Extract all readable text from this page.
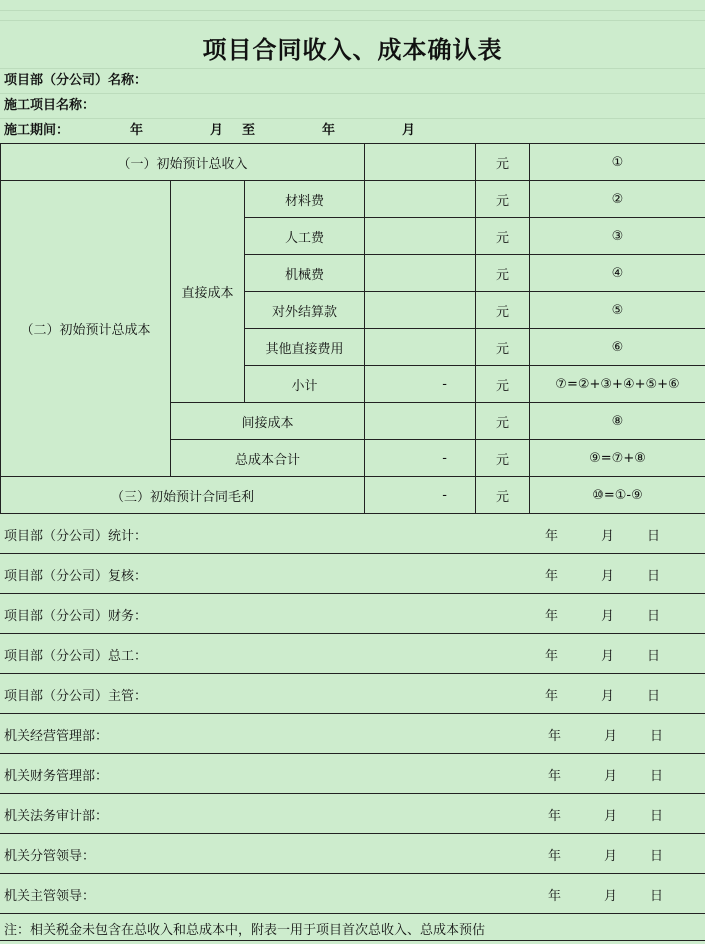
项目合同收入、成本确认表
项目部（分公司）名称：
施工项目名称：
施工期间：	年	月 至	年	月
（一）初始预计总收入				元	①
（二）初始预计总成本	直接成本	材料费		元	②
		人工费		元	③
		机械费		元	④
		对外结算款		元	⑤
		其他直接费用		元	⑥
		小计	-	元	⑦=②+③+④+⑤+⑥
	间接成本			元	⑧
	总成本合计		-	元	⑨=⑦+⑧
（三）初始预计合同毛利			-	元	⑩=①-⑨
项目部（分公司）统计：	年	月	日
项目部（分公司）复核：	年	月	日
项目部（分公司）财务：	年	月	日
项目部（分公司）总工：	年	月	日
项目部（分公司）主管：	年	月	日
机关经营管理部：	年	月	日
机关财务管理部：	年	月	日
机关法务审计部：	年	月	日
机关分管领导：	年	月	日
机关主管领导：	年	月	日
注：相关税金未包含在总收入和总成本中，附表一用于项目首次总收入、总成本预估
